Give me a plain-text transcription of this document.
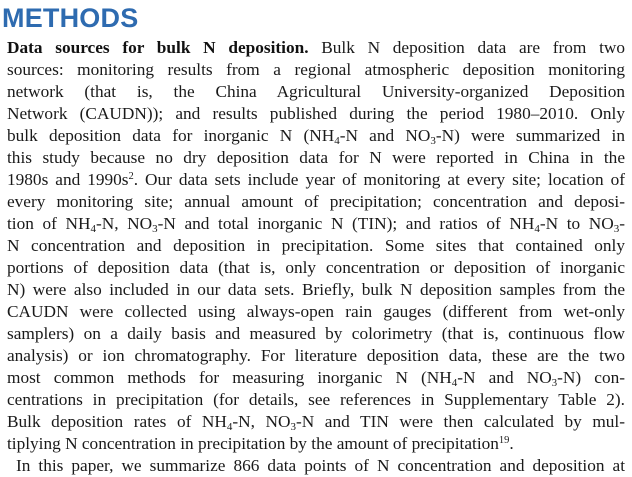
METHODS
Data sources for bulk N deposition. Bulk N deposition data are from two
sources: monitoring results from a regional atmospheric deposition monitoring
network (that is, the China Agricultural University-organized Deposition
Network (CAUDN)); and results published during the period 1980–2010. Only
bulk deposition data for inorganic N ($NH_4-N$ and $NO_3-N$) were summarized in
this study because no dry deposition data for N were reported in China in the
1980s and $1990s^2$. Our data sets include year of monitoring at every site; location of
every monitoring site; annual amount of precipitation; concentration and deposi-
tion of $NH_4-N$, $NO_3-N$ and total inorganic N (TIN); and ratios of $NH_4-N$ to $NO_3-$
N concentration and deposition in precipitation. Some sites that contained only
portions of deposition data (that is, only concentration or deposition of inorganic
N) were also included in our data sets. Briefly, bulk N deposition samples from the
CAUDN were collected using always-open rain gauges (different from wet-only
samplers) on a daily basis and measured by colorimetry (that is, continuous flow
analysis) or ion chromatography. For literature deposition data, these are the two
most common methods for measuring inorganic N ($NH_4-N$ and $NO_3-N$) con-
centrations in precipitation (for details, see references in Supplementary Table 2).
Bulk deposition rates of $NH_4-N$, $NO_3-N$ and TIN were then calculated by mul-
tiplying N concentration in precipitation by the amount of precipitation$^{19}$.
In this paper, we summarize 866 data points of N concentration and deposition at
